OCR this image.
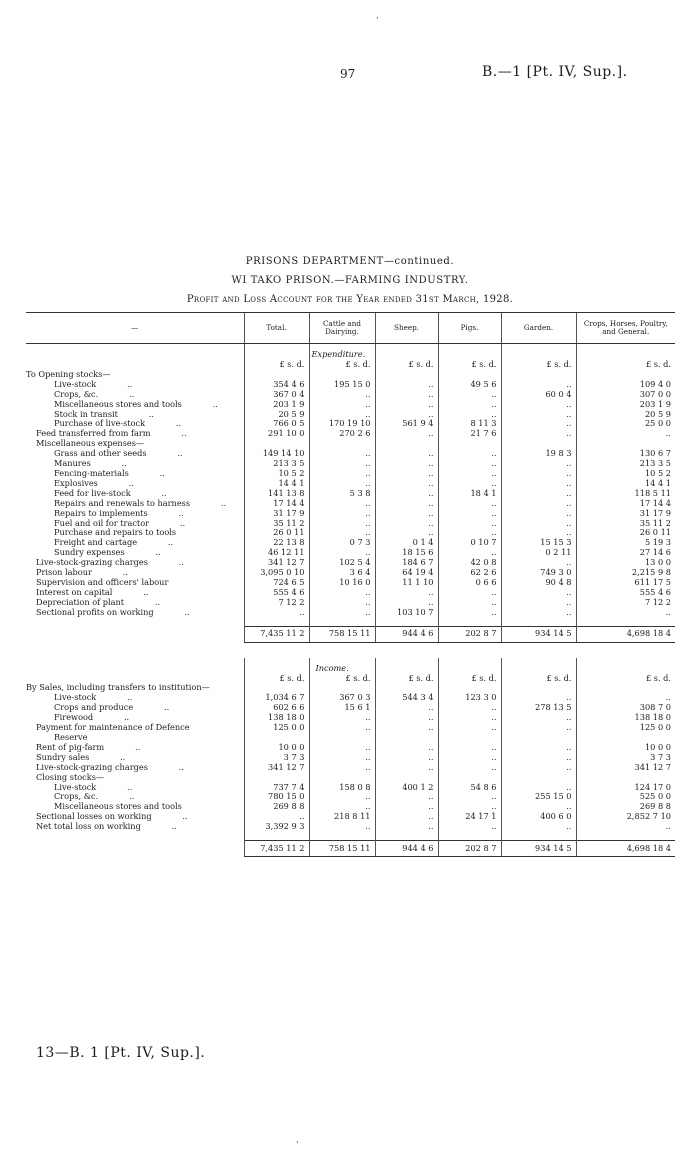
·
97	B.—1 [Pt. IV, Sup.].
PRISONS DEPARTMENT—continued.
WI TAKO PRISON.—FARMING INDUSTRY.
Profit and Loss Account for the Year ended 31st March, 1928.
—	Total.	Cattle and Dairying.	Sheep.	Pigs.	Garden.	Crops, Horses, Poultry, and General.
		Expenditure.				
	£ s. d.	£ s. d.	£ s. d.	£ s. d.	£ s. d.	£ s. d.
To Opening stocks—						
Live-stock ..	354 4 6	195 15 0	..	49 5 6	..	109 4 0
Crops, &c. ..	367 0 4	..	..	..	60 0 4	307 0 0
Miscellaneous stores and tools ..	203 1 9	..	..	..	..	203 1 9
Stock in transit ..	20 5 9	..	..	..	..	20 5 9
Purchase of live-stock ..	766 0 5	170 19 10	561 9 4	8 11 3	..	25 0 0
Feed transferred from farm ..	291 10 0	270 2 6	..	21 7 6	..	..
Miscellaneous expenses—						
Grass and other seeds ..	149 14 10	..	..	..	19 8 3	130 6 7
Manures ..	213 3 5	..	..	..	..	213 3 5
Fencing-materials ..	10 5 2	..	..	..	..	10 5 2
Explosives ..	14 4 1	..	..	..	..	14 4 1
Feed for live-stock ..	141 13 8	5 3 8	..	18 4 1	..	118 5 11
Repairs and renewals to harness ..	17 14 4	..	..	..	..	17 14 4
Repairs to implements ..	31 17 9	..	..	..	..	31 17 9
Fuel and oil for tractor ..	35 11 2	..	..	..	..	35 11 2
Purchase and repairs to tools	26 0 11	..	..	..	..	26 0 11
Freight and cartage ..	22 13 8	0 7 3	0 1 4	0 10 7	15 15 3	5 19 3
Sundry expenses ..	46 12 11	..	18 15 6	..	0 2 11	27 14 6
Live-stock-grazing charges ..	341 12 7	102 5 4	184 6 7	42 0 8	..	13 0 0
Prison labour ..	3,095 0 10	3 6 4	64 19 4	62 2 6	749 3 0	2,215 9 8
Supervision and officers' labour	724 6 5	10 16 0	11 1 10	0 6 6	90 4 8	611 17 5
Interest on capital ..	555 4 6	..	..	..	..	555 4 6
Depreciation of plant ..	7 12 2	..	..	..	..	7 12 2
Sectional profits on working ..	..	..	103 10 7	..	..	..

	7,435 11 2	758 15 11	944 4 6	202 8 7	934 14 5	4,698 18 4

		Income.				
	£ s. d.	£ s. d.	£ s. d.	£ s. d.	£ s. d.	£ s. d.
By Sales, including transfers to institution—						
Live-stock ..	1,034 6 7	367 0 3	544 3 4	123 3 0	..	..
Crops and produce ..	602 6 6	15 6 1	..	..	278 13 5	308 7 0
Firewood ..	138 18 0	..	..	..	..	138 18 0
Payment for maintenance of Defence	125 0 0	..	..	..	..	125 0 0
Reserve						
Rent of pig-farm ..	10 0 0	..	..	..	..	10 0 0
Sundry sales ..	3 7 3	..	..	..	..	3 7 3
Live-stock-grazing charges ..	341 12 7	..	..	..	..	341 12 7
Closing stocks—						
Live-stock ..	737 7 4	158 0 8	400 1 2	54 8 6	..	124 17 0
Crops, &c. ..	780 15 0	..	..	..	255 15 0	525 0 0
Miscellaneous stores and tools	269 8 8	..	..	..	..	269 8 8
Sectional losses on working ..	..	218 8 11	..	24 17 1	400 6 0	2,852 7 10
Net total loss on working ..	3,392 9 3	..	..	..	..	..

	7,435 11 2	758 15 11	944 4 6	202 8 7	934 14 5	4,698 18 4
13—B. 1 [Pt. IV, Sup.].
·
